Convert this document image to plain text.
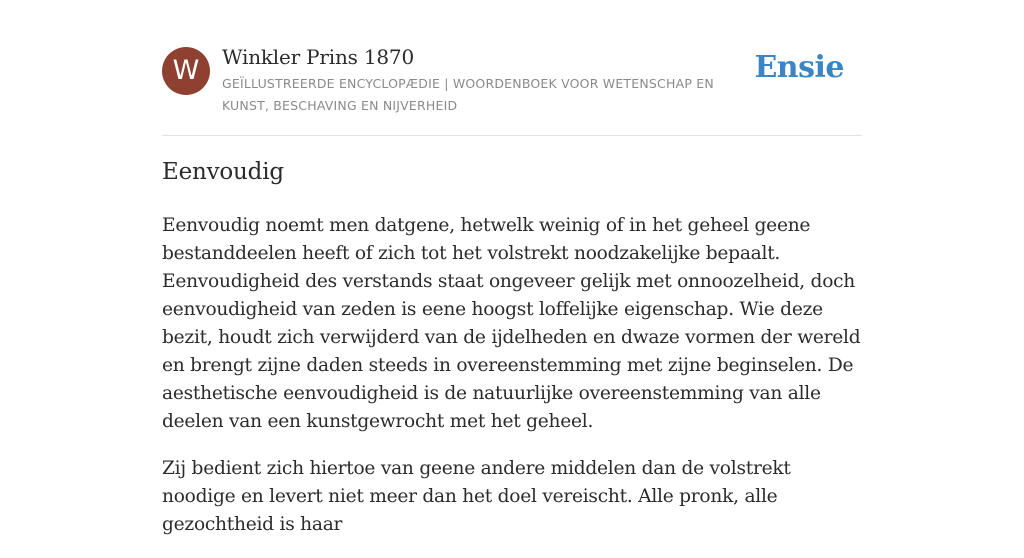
W	Winkler Prins 1870
GEÏLLUSTREERDE ENCYCLOPÆDIE | WOORDENBOEK VOOR WETENSCHAP EN KUNST, BESCHAVING EN NIJVERHEID
Ensie
Eenvoudig

Eenvoudig noemt men datgene, hetwelk weinig of in het geheel geene bestanddeelen heeft of zich tot het volstrekt noodzakelijke bepaalt. Eenvoudigheid des verstands staat ongeveer gelijk met onnoozelheid, doch eenvoudigheid van zeden is eene hoogst loffelijke eigenschap. Wie deze bezit, houdt zich verwijderd van de ijdelheden en dwaze vormen der wereld en brengt zijne daden steeds in overeenstemming met zijne beginselen. De aesthetische eenvoudigheid is de natuurlijke overeenstemming van alle deelen van een kunstgewrocht met het geheel.

Zij bedient zich hiertoe van geene andere middelen dan de volstrekt noodige en levert niet meer dan het doel vereischt. Alle pronk, alle gezochtheid is haar
